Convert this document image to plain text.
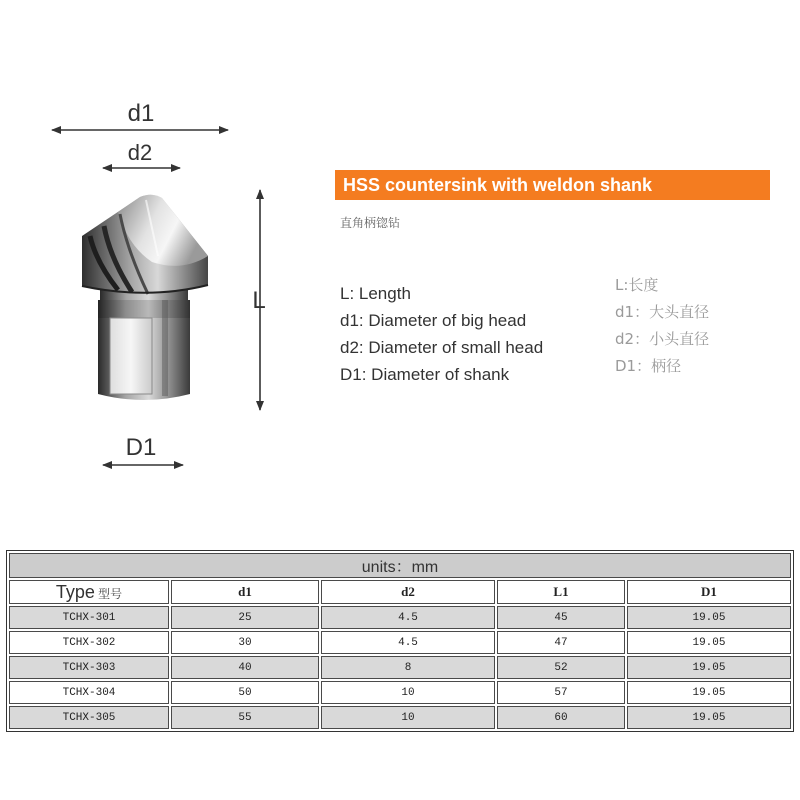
d1
d2
L
D1
HSS countersink with weldon shank
直角柄锪钻
L: Length
d1: Diameter of big head
d2: Diameter of small head
D1: Diameter of shank
L:长度
d1：大头直径
d2：小头直径
D1：柄径
units：mm				
Type 型号	d1	d2	L1	D1
TCHX-301	25	4.5	45	19.05
TCHX-302	30	4.5	47	19.05
TCHX-303	40	8	52	19.05
TCHX-304	50	10	57	19.05
TCHX-305	55	10	60	19.05
